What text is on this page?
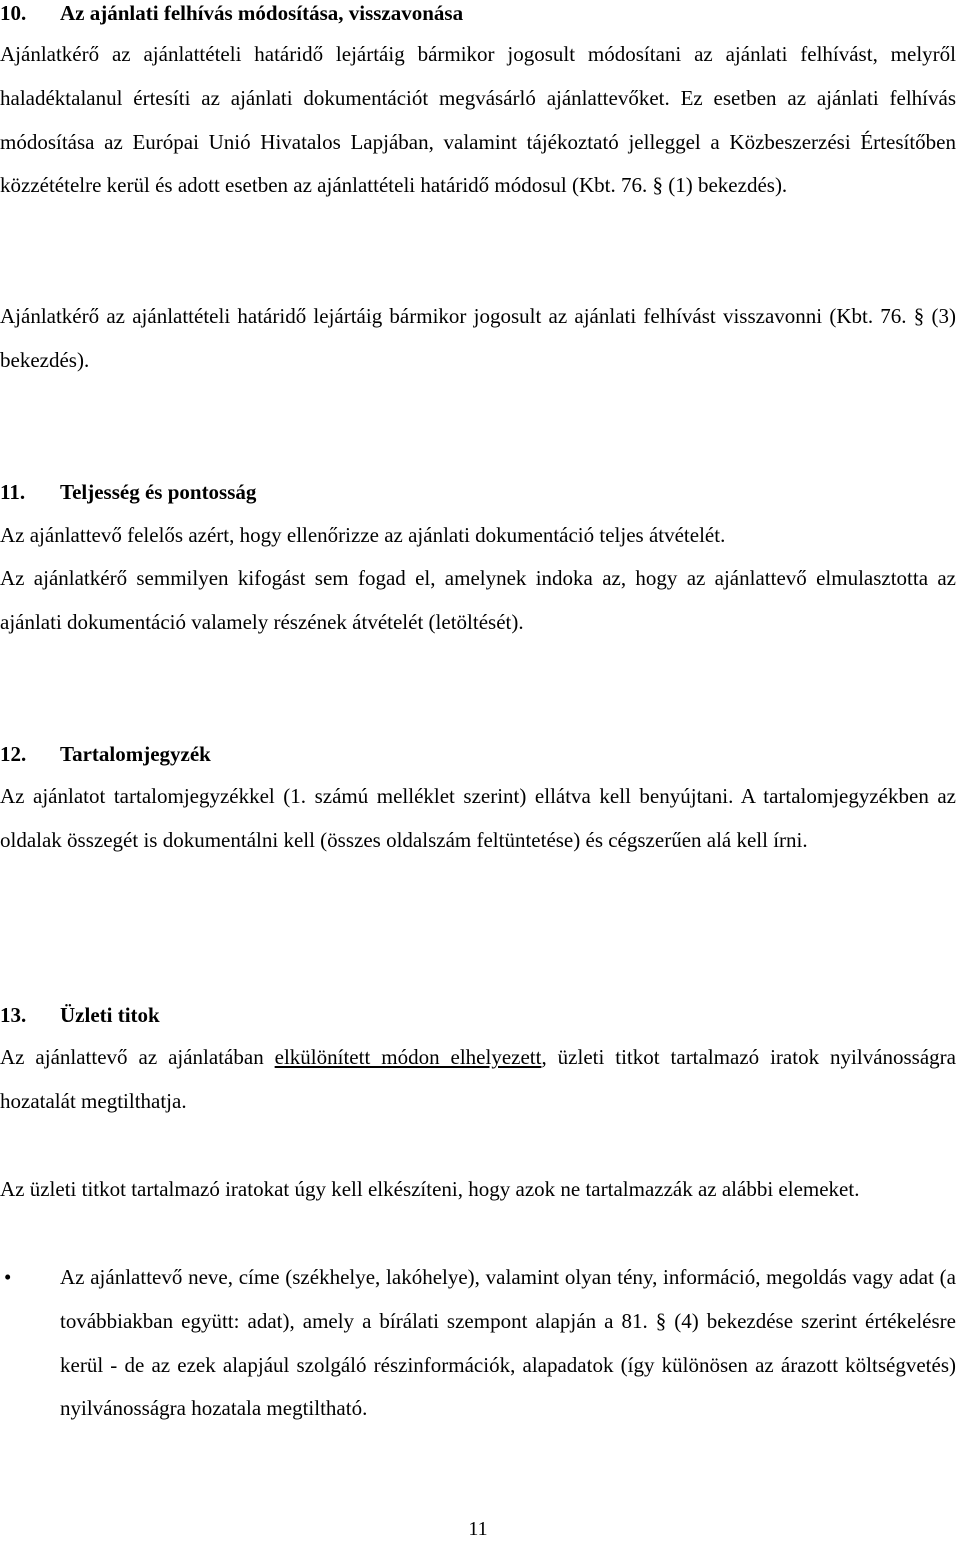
10. Az ajánlati felhívás módosítása, visszavonása
Ajánlatkérő az ajánlattételi határidő lejártáig bármikor jogosult módosítani az ajánlati felhívást, melyről haladéktalanul értesíti az ajánlati dokumentációt megvásárló ajánlattevőket. Ez esetben az ajánlati felhívás módosítása az Európai Unió Hivatalos Lapjában, valamint tájékoztató jelleggel a Közbeszerzési Értesítőben közzétételre kerül és adott esetben az ajánlattételi határidő módosul (Kbt. 76. § (1) bekezdés).
Ajánlatkérő az ajánlattételi határidő lejártáig bármikor jogosult az ajánlati felhívást visszavonni (Kbt. 76. § (3) bekezdés).
11. Teljesség és pontosság
Az ajánlattevő felelős azért, hogy ellenőrizze az ajánlati dokumentáció teljes átvételét.
Az ajánlatkérő semmilyen kifogást sem fogad el, amelynek indoka az, hogy az ajánlattevő elmulasztotta az ajánlati dokumentáció valamely részének átvételét (letöltését).
12. Tartalomjegyzék
Az ajánlatot tartalomjegyzékkel (1. számú melléklet szerint) ellátva kell benyújtani. A tartalomjegyzékben az oldalak összegét is dokumentálni kell (összes oldalszám feltüntetése) és cégszerűen alá kell írni.
13. Üzleti titok
Az ajánlattevő az ajánlatában elkülönített módon elhelyezett, üzleti titkot tartalmazó iratok nyilvánosságra hozatalát megtilthatja.
Az üzleti titkot tartalmazó iratokat úgy kell elkészíteni, hogy azok ne tartalmazzák az alábbi elemeket.
• Az ajánlattevő neve, címe (székhelye, lakóhelye), valamint olyan tény, információ, megoldás vagy adat (a továbbiakban együtt: adat), amely a bírálati szempont alapján a 81. § (4) bekezdése szerint értékelésre kerül - de az ezek alapjául szolgáló részinformációk, alapadatok (így különösen az árazott költségvetés) nyilvánosságra hozatala megtiltható.
11
